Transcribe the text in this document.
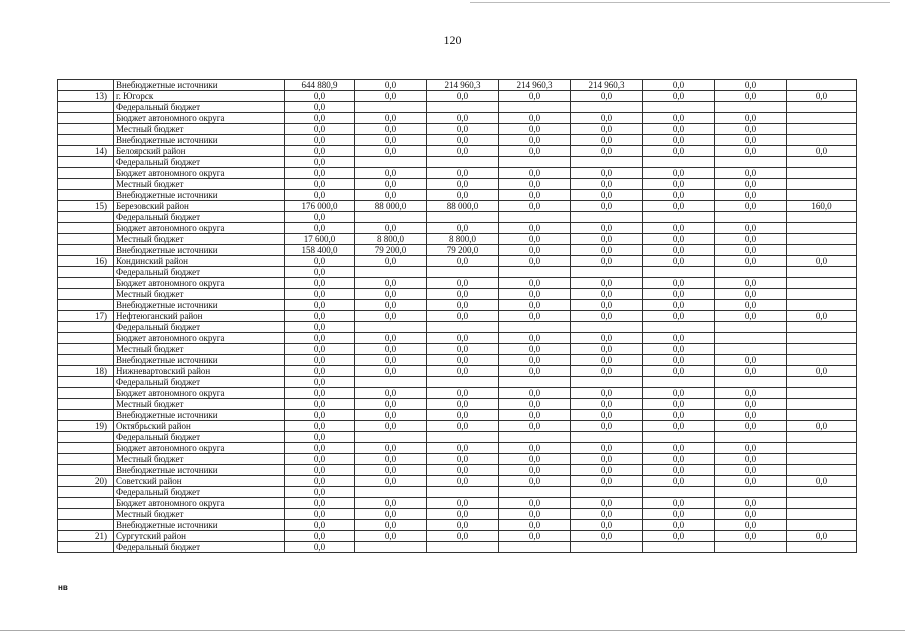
120
	Внебюджетные источники	644 880,9	0,0	214 960,3	214 960,3	214 960,3	0,0	0,0	
13)	г. Югорск	0,0	0,0	0,0	0,0	0,0	0,0	0,0	0,0
	Федеральный бюджет	0,0							
	Бюджет автономного округа	0,0	0,0	0,0	0,0	0,0	0,0	0,0	
	Местный бюджет	0,0	0,0	0,0	0,0	0,0	0,0	0,0	
	Внебюджетные источники	0,0	0,0	0,0	0,0	0,0	0,0	0,0	
14)	Белоярский район	0,0	0,0	0,0	0,0	0,0	0,0	0,0	0,0
	Федеральный бюджет	0,0							
	Бюджет автономного округа	0,0	0,0	0,0	0,0	0,0	0,0	0,0	
	Местный бюджет	0,0	0,0	0,0	0,0	0,0	0,0	0,0	
	Внебюджетные источники	0,0	0,0	0,0	0,0	0,0	0,0	0,0	
15)	Березовский район	176 000,0	88 000,0	88 000,0	0,0	0,0	0,0	0,0	160,0
	Федеральный бюджет	0,0							
	Бюджет автономного округа	0,0	0,0	0,0	0,0	0,0	0,0	0,0	
	Местный бюджет	17 600,0	8 800,0	8 800,0	0,0	0,0	0,0	0,0	
	Внебюджетные источники	158 400,0	79 200,0	79 200,0	0,0	0,0	0,0	0,0	
16)	Кондинский район	0,0	0,0	0,0	0,0	0,0	0,0	0,0	0,0
	Федеральный бюджет	0,0							
	Бюджет автономного округа	0,0	0,0	0,0	0,0	0,0	0,0	0,0	
	Местный бюджет	0,0	0,0	0,0	0,0	0,0	0,0	0,0	
	Внебюджетные источники	0,0	0,0	0,0	0,0	0,0	0,0	0,0	
17)	Нефтеюганский район	0,0	0,0	0,0	0,0	0,0	0,0	0,0	0,0
	Федеральный бюджет	0,0							
	Бюджет автономного округа	0,0	0,0	0,0	0,0	0,0	0,0		
	Местный бюджет	0,0	0,0	0,0	0,0	0,0	0,0		
	Внебюджетные источники	0,0	0,0	0,0	0,0	0,0	0,0	0,0	
18)	Нижневартовский район	0,0	0,0	0,0	0,0	0,0	0,0	0,0	0,0
	Федеральный бюджет	0,0							
	Бюджет автономного округа	0,0	0,0	0,0	0,0	0,0	0,0	0,0	
	Местный бюджет	0,0	0,0	0,0	0,0	0,0	0,0	0,0	
	Внебюджетные источники	0,0	0,0	0,0	0,0	0,0	0,0	0,0	
19)	Октябрьский район	0,0	0,0	0,0	0,0	0,0	0,0	0,0	0,0
	Федеральный бюджет	0,0							
	Бюджет автономного округа	0,0	0,0	0,0	0,0	0,0	0,0	0,0	
	Местный бюджет	0,0	0,0	0,0	0,0	0,0	0,0	0,0	
	Внебюджетные источники	0,0	0,0	0,0	0,0	0,0	0,0	0,0	
20)	Советский район	0,0	0,0	0,0	0,0	0,0	0,0	0,0	0,0
	Федеральный бюджет	0,0							
	Бюджет автономного округа	0,0	0,0	0,0	0,0	0,0	0,0	0,0	
	Местный бюджет	0,0	0,0	0,0	0,0	0,0	0,0	0,0	
	Внебюджетные источники	0,0	0,0	0,0	0,0	0,0	0,0	0,0	
21)	Сургутский район	0,0	0,0	0,0	0,0	0,0	0,0	0,0	0,0
	Федеральный бюджет	0,0							
нв
